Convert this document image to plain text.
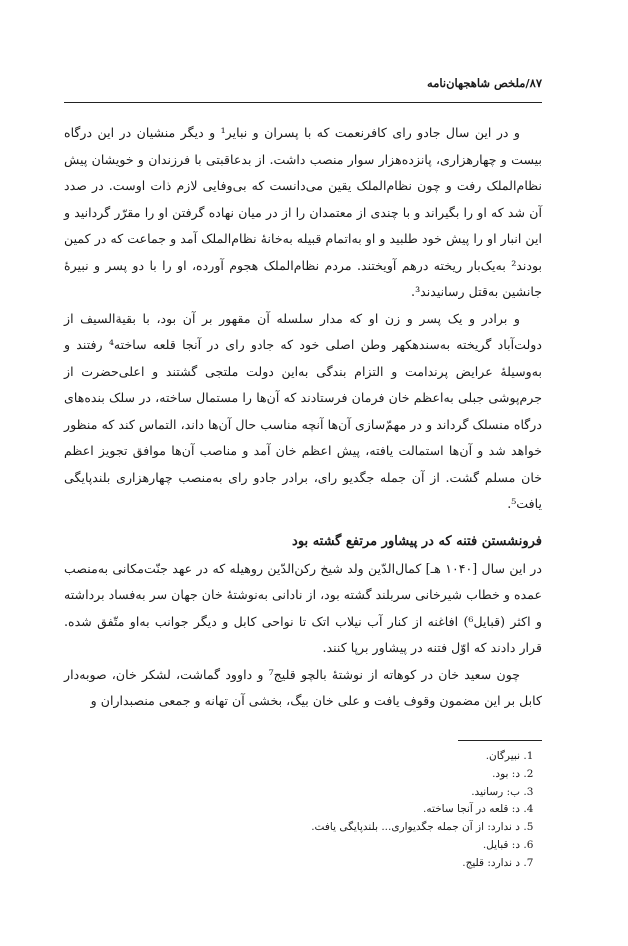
۸۷/ملخص شاهجهان‌نامه

و در این سال جادو رای کافرنعمت که با پسران و نبایر¹ و دیگر منشیان در این درگاه بیست و چهارهزاری، پانزده‌هزار سوار منصب داشت. از بدعاقبتی با فرزندان و خویشان پیش نظام‌الملک رفت و چون نظام‌الملک یقین می‌دانست که بی‌وفایی لازم ذات اوست. در صدد آن شد که او را بگیراند و با چندی از معتمدان را از در میان نهاده گرفتن او را مقرّر گردانید و این انبار او را پیش خود طلبید و او به‌اتمام قبیله به‌خانهٔ نظام‌الملک آمد و جماعت که در کمین بودند² به‌یک‌بار ریخته درهم آویختند. مردم نظام‌الملک هجوم آورده، او را با دو پسر و نبیرهٔ جانشین به‌قتل رسانیدند³.

و برادر و یک پسر و زن او که مدار سلسله آن مقهور بر آن بود، با بقیةالسیف از دولت‌آباد گریخته به‌سندهکهر وطن اصلی خود که جادو رای در آنجا قلعه ساخته⁴ رفتند و به‌وسیلهٔ عرایض پرندامت و التزام بندگی به‌این دولت ملتجی گشتند و اعلی‌حضرت از جرم‌پوشی جبلی به‌اعظم خان فرمان فرستادند که آن‌ها را مستمال ساخته، در سلک بنده‌های درگاه منسلک گرداند و در مهمّ‌سازی آن‌ها آنچه مناسب حال آن‌ها داند، التماس کند که منظور خواهد شد و آن‌ها استمالت یافته، پیش اعظم خان آمد و مناصب آن‌ها موافق تجویز اعظم خان مسلم گشت. از آن جمله جگدیو رای، برادر جادو رای به‌منصب چهارهزاری بلندپایگی یافت⁵.

فرونشستن فتنه که در پیشاور مرتفع گشته بود

در این سال [۱۰۴۰ هـ] کمال‌الدّین ولد شیخ رکن‌الدّین روهیله که در عهد جنّت‌مکانی به‌منصب عمده و خطاب شیرخانی سربلند گشته بود، از نادانی به‌نوشتهٔ خان جهان سر به‌فساد برداشته و اکثر (قبایل⁶) افاغنه از کنار آب نیلاب اتک تا نواحی کابل و دیگر جوانب به‌او متّفق شده. قرار دادند که اوّل فتنه در پیشاور برپا کنند.

چون سعید خان در کوهاته از نوشتهٔ بالچو قلیج⁷ و داوود گماشت، لشکر خان، صوبه‌دار کابل بر این مضمون وقوف یافت و علی خان بیگ، بخشی آن تهانه و جمعی منصبداران و

1. نبیرگان.
2. د: بود.
3. ب: رسانید.
4. د: قلعه در آنجا ساخته.
5. د ندارد: از آن جمله جگدیواری... بلندپایگی یافت.
6. د: قبایل.
7. د ندارد: قلیج.
